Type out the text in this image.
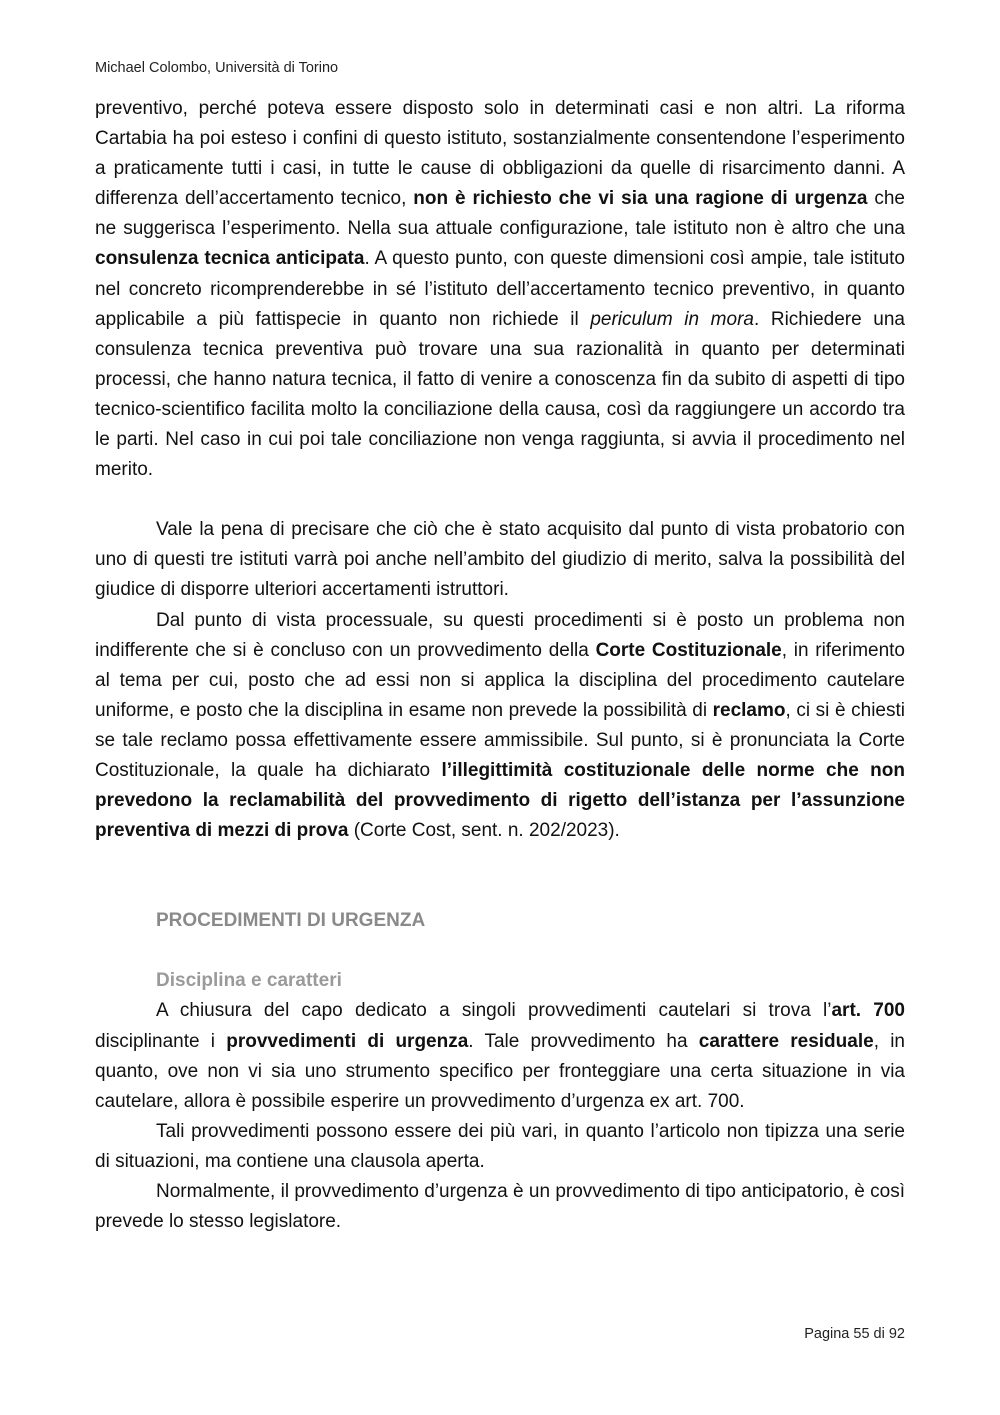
Michael Colombo, Università di Torino

preventivo, perché poteva essere disposto solo in determinati casi e non altri. La riforma Cartabia ha poi esteso i confini di questo istituto, sostanzialmente consentendone l’esperimento a praticamente tutti i casi, in tutte le cause di obbligazioni da quelle di risarcimento danni. A differenza dell’accertamento tecnico, non è richiesto che vi sia una ragione di urgenza che ne suggerisca l’esperimento. Nella sua attuale configurazione, tale istituto non è altro che una consulenza tecnica anticipata. A questo punto, con queste dimensioni così ampie, tale istituto nel concreto ricomprenderebbe in sé l’istituto dell’accertamento tecnico preventivo, in quanto applicabile a più fattispecie in quanto non richiede il periculum in mora. Richiedere una consulenza tecnica preventiva può trovare una sua razionalità in quanto per determinati processi, che hanno natura tecnica, il fatto di venire a conoscenza fin da subito di aspetti di tipo tecnico-scientifico facilita molto la conciliazione della causa, così da raggiungere un accordo tra le parti. Nel caso in cui poi tale conciliazione non venga raggiunta, si avvia il procedimento nel merito.

Vale la pena di precisare che ciò che è stato acquisito dal punto di vista probatorio con uno di questi tre istituti varrà poi anche nell’ambito del giudizio di merito, salva la possibilità del giudice di disporre ulteriori accertamenti istruttori.

Dal punto di vista processuale, su questi procedimenti si è posto un problema non indifferente che si è concluso con un provvedimento della Corte Costituzionale, in riferimento al tema per cui, posto che ad essi non si applica la disciplina del procedimento cautelare uniforme, e posto che la disciplina in esame non prevede la possibilità di reclamo, ci si è chiesti se tale reclamo possa effettivamente essere ammissibile. Sul punto, si è pronunciata la Corte Costituzionale, la quale ha dichiarato l’illegittimità costituzionale delle norme che non prevedono la reclamabilità del provvedimento di rigetto dell’istanza per l’assunzione preventiva di mezzi di prova (Corte Cost, sent. n. 202/2023).

PROCEDIMENTI DI URGENZA
Disciplina e caratteri

A chiusura del capo dedicato a singoli provvedimenti cautelari si trova l’art. 700 disciplinante i provvedimenti di urgenza. Tale provvedimento ha carattere residuale, in quanto, ove non vi sia uno strumento specifico per fronteggiare una certa situazione in via cautelare, allora è possibile esperire un provvedimento d’urgenza ex art. 700.

Tali provvedimenti possono essere dei più vari, in quanto l’articolo non tipizza una serie di situazioni, ma contiene una clausola aperta.

Normalmente, il provvedimento d’urgenza è un provvedimento di tipo anticipatorio, è così prevede lo stesso legislatore.

Pagina 55 di 92
